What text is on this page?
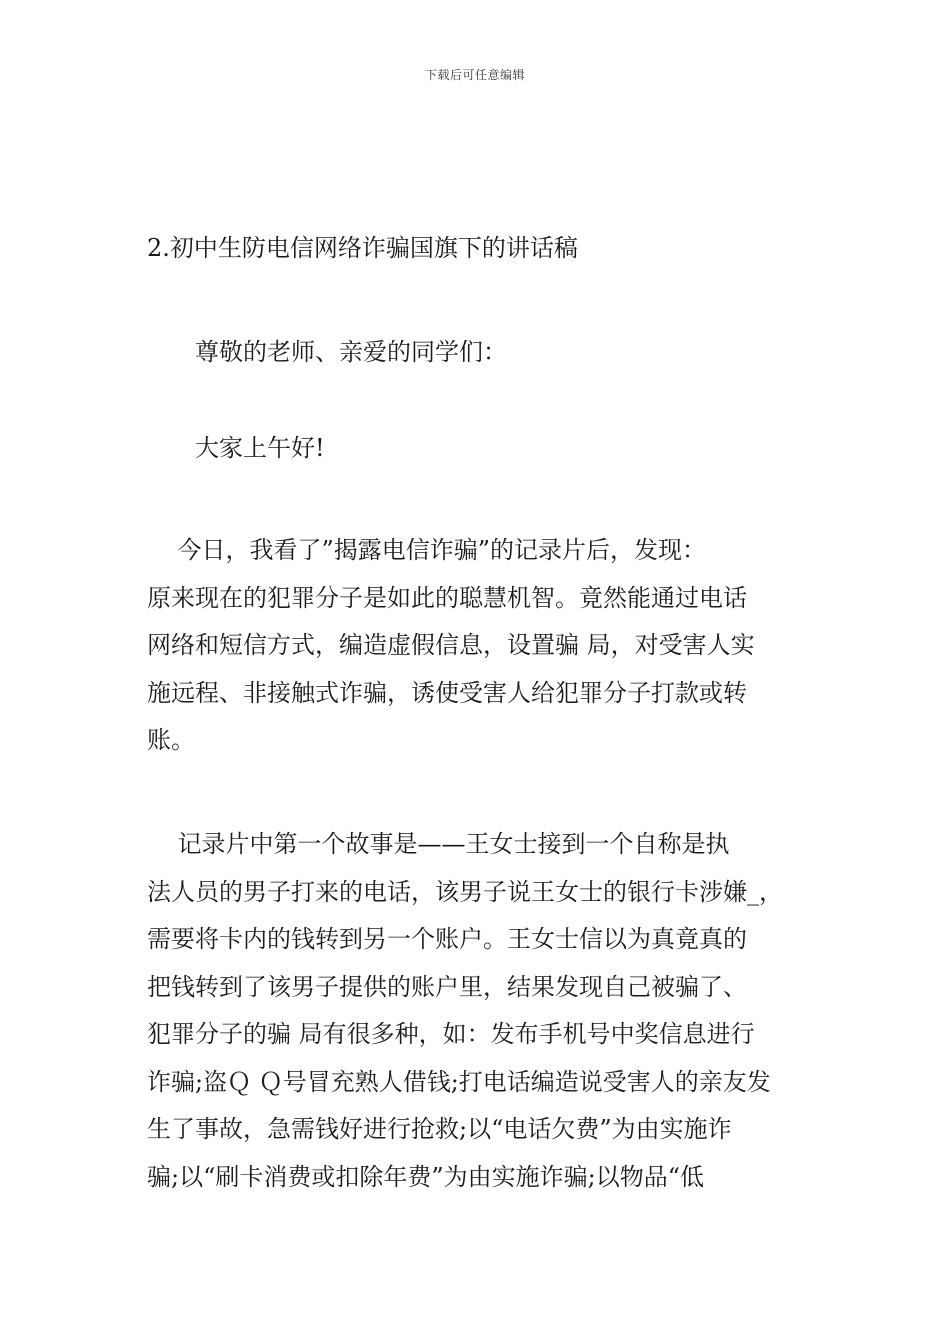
下载后可任意编辑
2.初中生防电信网络诈骗国旗下的讲话稿
尊敬的老师、亲爱的同学们：
大家上午好!
今日，我看了”揭露电信诈骗”的记录片后，发现：
原来现在的犯罪分子是如此的聪慧机智。竟然能通过电话
网络和短信方式，编造虚假信息，设置骗 局，对受害人实
施远程、非接触式诈骗，诱使受害人给犯罪分子打款或转
账。
记录片中第一个故事是——王女士接到一个自称是执
法人员的男子打来的电话，该男子说王女士的银行卡涉嫌_，
需要将卡内的钱转到另一个账户。王女士信以为真竟真的
把钱转到了该男子提供的账户里，结果发现自己被骗了、
犯罪分子的骗 局有很多种，如：发布手机号中奖信息进行
诈骗;盗Ｑ Ｑ号冒充熟人借钱;打电话编造说受害人的亲友发
生了事故，急需钱好进行抢救;以“电话欠费”为由实施诈
骗;以“刷卡消费或扣除年费”为由实施诈骗;以物品“低
